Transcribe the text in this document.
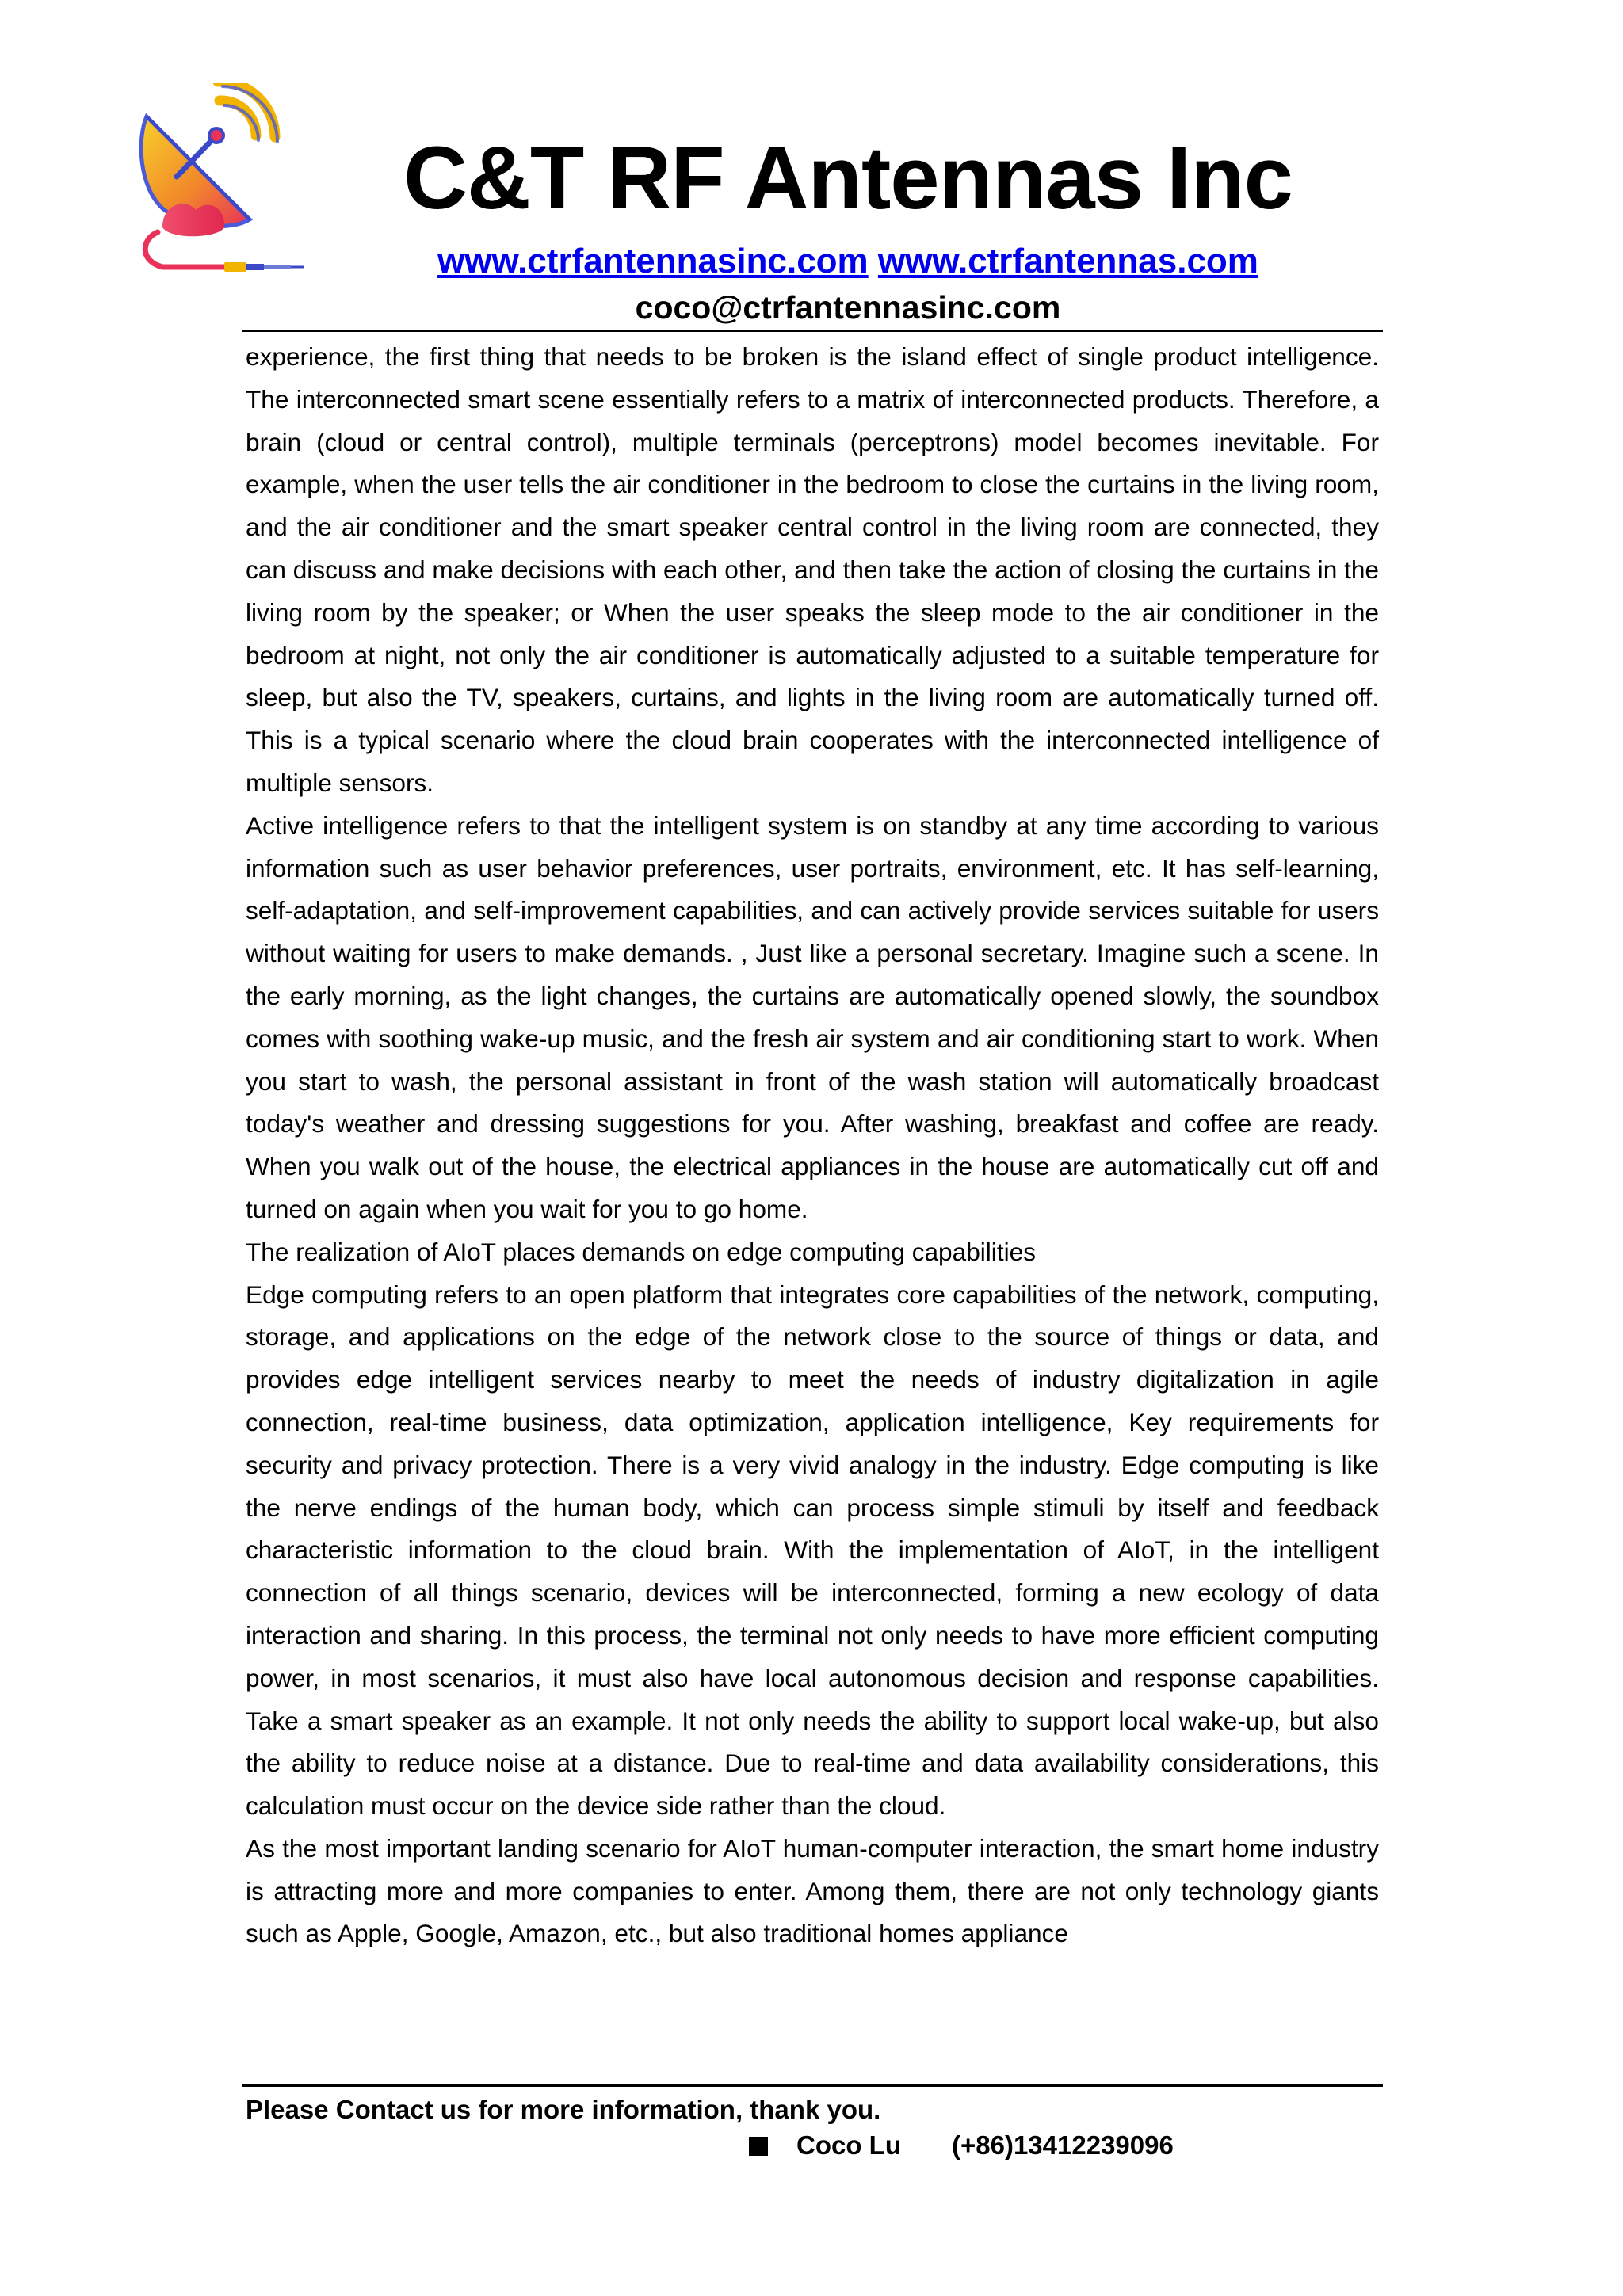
C&T RF Antennas Inc
www.ctrfantennasinc.com www.ctrfantennas.com
coco@ctrfantennasinc.com

experience, the first thing that needs to be broken is the island effect of single product intelligence. The interconnected smart scene essentially refers to a matrix of interconnected products. Therefore, a brain (cloud or central control), multiple terminals (perceptrons) model becomes inevitable. For example, when the user tells the air conditioner in the bedroom to close the curtains in the living room, and the air conditioner and the smart speaker central control in the living room are connected, they can discuss and make decisions with each other, and then take the action of closing the curtains in the living room by the speaker; or When the user speaks the sleep mode to the air conditioner in the bedroom at night, not only the air conditioner is automatically adjusted to a suitable temperature for sleep, but also the TV, speakers, curtains, and lights in the living room are automatically turned off. This is a typical scenario where the cloud brain cooperates with the interconnected intelligence of multiple sensors.

Active intelligence refers to that the intelligent system is on standby at any time according to various information such as user behavior preferences, user portraits, environment, etc. It has self-learning, self-adaptation, and self-improvement capabilities, and can actively provide services suitable for users without waiting for users to make demands. , Just like a personal secretary. Imagine such a scene. In the early morning, as the light changes, the curtains are automatically opened slowly, the soundbox comes with soothing wake-up music, and the fresh air system and air conditioning start to work. When you start to wash, the personal assistant in front of the wash station will automatically broadcast today's weather and dressing suggestions for you. After washing, breakfast and coffee are ready. When you walk out of the house, the electrical appliances in the house are automatically cut off and turned on again when you wait for you to go home.

The realization of AIoT places demands on edge computing capabilities

Edge computing refers to an open platform that integrates core capabilities of the network, computing, storage, and applications on the edge of the network close to the source of things or data, and provides edge intelligent services nearby to meet the needs of industry digitalization in agile connection, real-time business, data optimization, application intelligence, Key requirements for security and privacy protection. There is a very vivid analogy in the industry. Edge computing is like the nerve endings of the human body, which can process simple stimuli by itself and feedback characteristic information to the cloud brain. With the implementation of AIoT, in the intelligent connection of all things scenario, devices will be interconnected, forming a new ecology of data interaction and sharing. In this process, the terminal not only needs to have more efficient computing power, in most scenarios, it must also have local autonomous decision and response capabilities. Take a smart speaker as an example. It not only needs the ability to support local wake-up, but also the ability to reduce noise at a distance. Due to real-time and data availability considerations, this calculation must occur on the device side rather than the cloud.

As the most important landing scenario for AIoT human-computer interaction, the smart home industry is attracting more and more companies to enter. Among them, there are not only technology giants such as Apple, Google, Amazon, etc., but also traditional homes appliance

Please Contact us for more information, thank you.
Coco Lu (+86)13412239096
